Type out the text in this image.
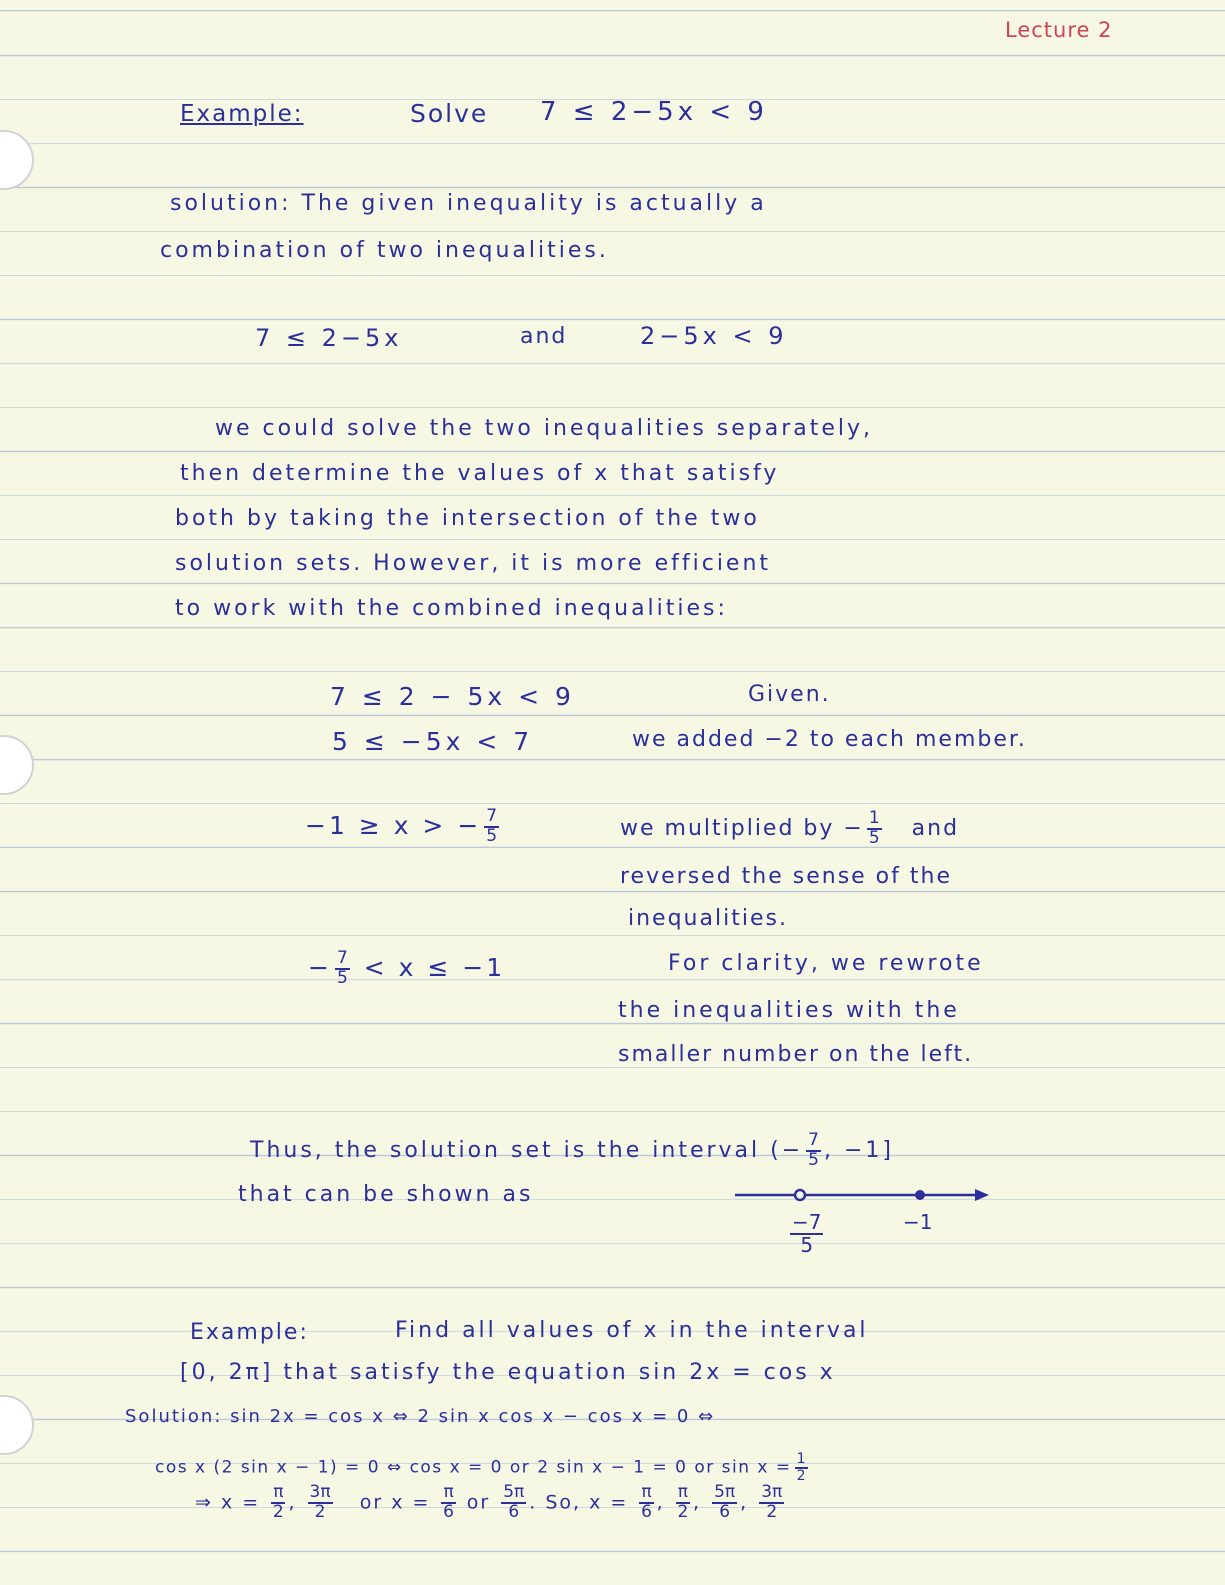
Lecture 2
Example:	Solve 7 ≤ 2−5x < 9
solution: The given inequality is actually a
combination of two inequalities.
7 ≤ 2−5x	and	2−5x < 9
we could solve the two inequalities separately,
then determine the values of x that satisfy
both by taking the intersection of the two
solution sets. However, it is more efficient
to work with the combined inequalities:
7 ≤ 2 − 5x < 9	Given.
5 ≤ −5x < 7	we added −2 to each member.
−1 ≥ x > − $\frac{7}{5}$	we multiplied by − $\frac{1}{5}$ and
reversed the sense of the
inequalities.
− $\frac{7}{5} < x \le -1$	For clarity, we rewrote
the inequalities with the
smaller number on the left.
Thus, the solution set is the interval (− $\frac{7}{5}$ , −1]
that can be shown as
$\frac{-7}{5}$	−1
Example:	Find all values of x in the interval
[0, 2π] that satisfy the equation sin 2x = cos x
Solution: sin 2x = cos x ⇔ 2 sin x cos x − cos x = 0 ⇔
cos x (2 sin x − 1) = 0 ⇔ cos x = 0 or 2 sin x − 1 = 0 or $\sin x = \frac{1}{2}$
⇒ $x = \frac{\pi}{2}$ , $\frac{3\pi}{2}$ or $x = \frac{\pi}{6}$ or $\frac{5\pi}{6}$ . So, $x = \frac{\pi}{6}$ , $\frac{\pi}{2}$ , $\frac{5\pi}{6}$ , $\frac{3\pi}{2}$
